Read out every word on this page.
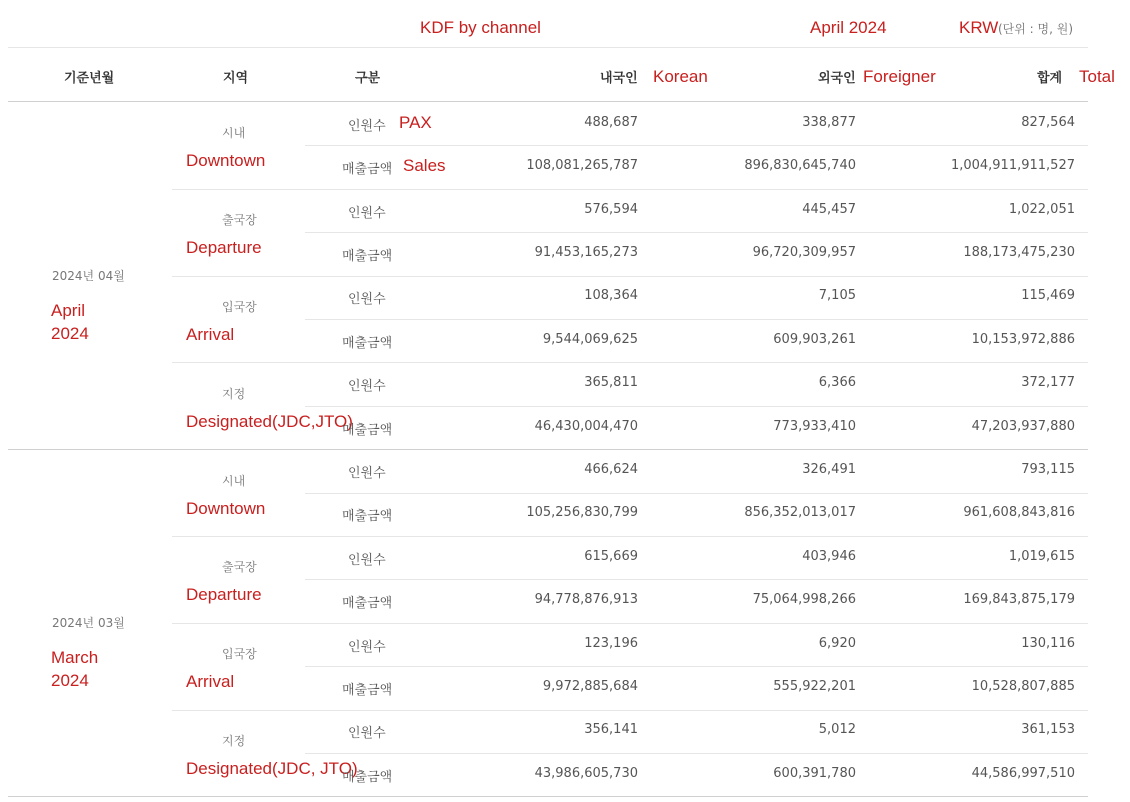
KDF by channel	April 2024	KRW (단위 : 명, 원)
기준년월	지역	구분	내국인 Korean	외국인 Foreigner	합계 Total
2024년 04월
April
2024
시내
Downtown
인원수 PAX	488,687	338,877	827,564
매출금액 Sales	108,081,265,787	896,830,645,740	1,004,911,911,527
출국장
Departure
인원수	576,594	445,457	1,022,051
매출금액	91,453,165,273	96,720,309,957	188,173,475,230
입국장
Arrival
인원수	108,364	7,105	115,469
매출금액	9,544,069,625	609,903,261	10,153,972,886
지정
Designated(JDC,JTO)
인원수	365,811	6,366	372,177
매출금액	46,430,004,470	773,933,410	47,203,937,880
2024년 03월
March
2024
시내
Downtown
인원수	466,624	326,491	793,115
매출금액	105,256,830,799	856,352,013,017	961,608,843,816
출국장
Departure
인원수	615,669	403,946	1,019,615
매출금액	94,778,876,913	75,064,998,266	169,843,875,179
입국장
Arrival
인원수	123,196	6,920	130,116
매출금액	9,972,885,684	555,922,201	10,528,807,885
지정
Designated(JDC, JTO)
인원수	356,141	5,012	361,153
매출금액	43,986,605,730	600,391,780	44,586,997,510
